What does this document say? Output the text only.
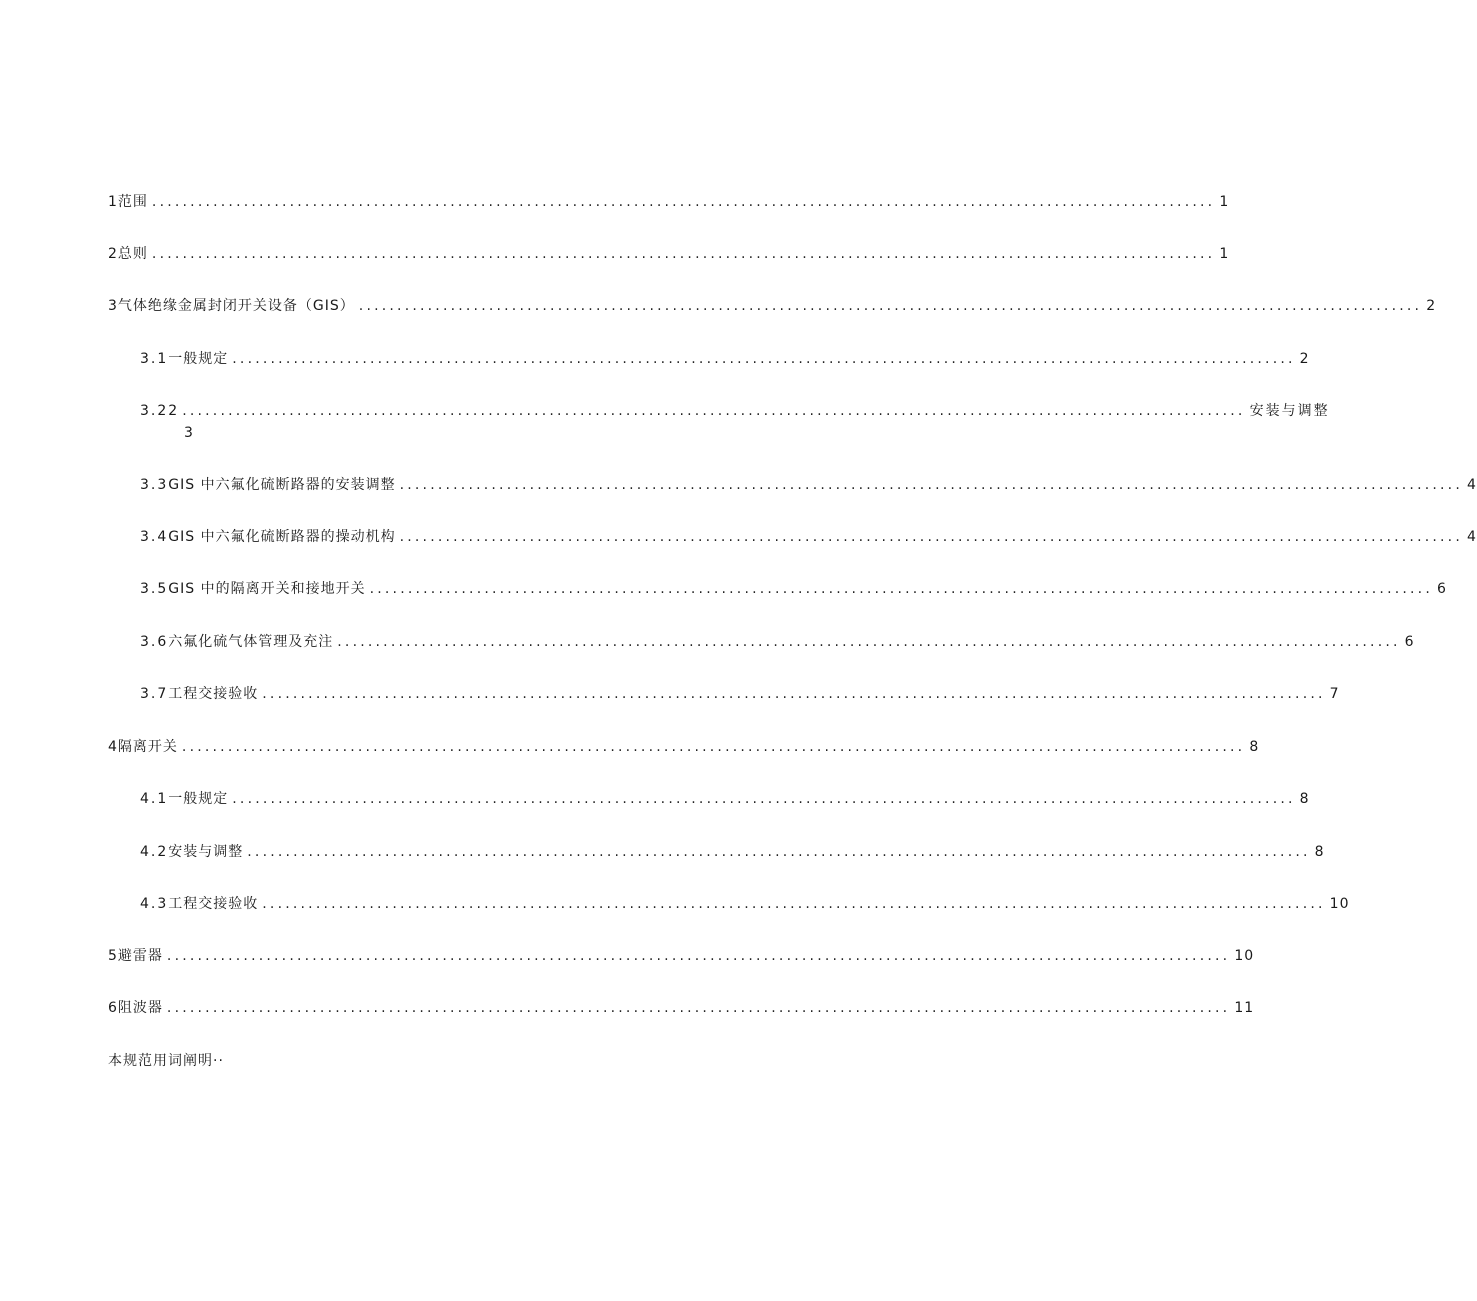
1 范围 ........................................................................................................................................... 1
2 总则 ........................................................................................................................................... 1
3 气体绝缘金属封闭开关设备（GIS） ........................................................................................................................................... 2
3.1 一般规定 ........................................................................................................................................... 2
3.2 2 ........................................................................................................................................... 安装与调整
3
3.3 GIS 中六氟化硫断路器的安装调整 ........................................................................................................................................... 4
3.4 GIS 中六氟化硫断路器的操动机构 ........................................................................................................................................... 4
3.5 GIS 中的隔离开关和接地开关 ........................................................................................................................................... 6
3.6 六氟化硫气体管理及充注 ........................................................................................................................................... 6
3.7 工程交接验收 ........................................................................................................................................... 7
4 隔离开关 ........................................................................................................................................... 8
4.1 一般规定 ........................................................................................................................................... 8
4.2 安装与调整 ........................................................................................................................................... 8
4.3 工程交接验收 ........................................................................................................................................... 10
5 避雷器 ........................................................................................................................................... 10
6 阻波器 ........................................................................................................................................... 11
本规范用词阐明··
